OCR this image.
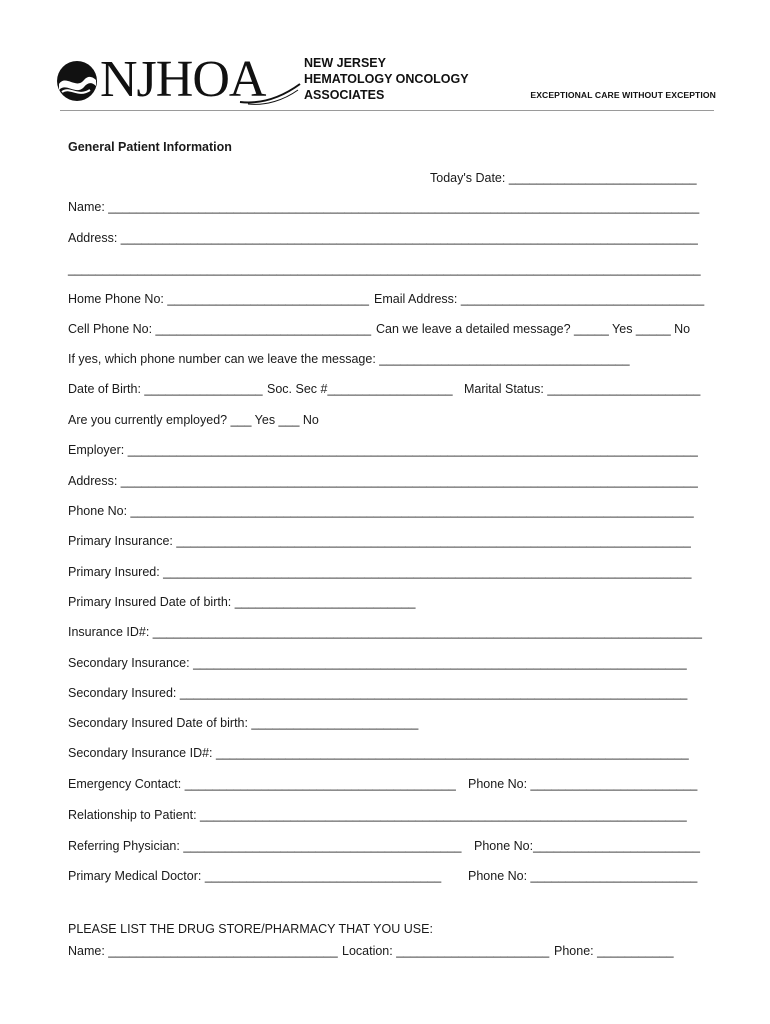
NJHOA	NEW JERSEY
HEMATOLOGY ONCOLOGY
ASSOCIATES	EXCEPTIONAL CARE WITHOUT EXCEPTION
General Patient Information
Today's Date: ___________________________
Name: _____________________________________________________________________________________
Address: ___________________________________________________________________________________
___________________________________________________________________________________________
Home Phone No: _____________________________ Email Address: ___________________________________
Cell Phone No: _______________________________ Can we leave a detailed message? _____ Yes _____ No
If yes, which phone number can we leave the message: ____________________________________
Date of Birth: _________________ Soc. Sec #__________________ Marital Status: ______________________
Are you currently employed? ___ Yes ___ No
Employer: __________________________________________________________________________________
Address: ___________________________________________________________________________________
Phone No: _________________________________________________________________________________
Primary Insurance: __________________________________________________________________________
Primary Insured: ____________________________________________________________________________
Primary Insured Date of birth: __________________________
Insurance ID#: _______________________________________________________________________________
Secondary Insurance: _______________________________________________________________________
Secondary Insured: _________________________________________________________________________
Secondary Insured Date of birth: ________________________
Secondary Insurance ID#: ____________________________________________________________________
Emergency Contact: _______________________________________ Phone No: ________________________
Relationship to Patient: ______________________________________________________________________
Referring Physician: ________________________________________ Phone No:________________________
Primary Medical Doctor: __________________________________ Phone No: ________________________
PLEASE LIST THE DRUG STORE/PHARMACY THAT YOU USE:
Name: _________________________________ Location: ______________________ Phone: ___________
